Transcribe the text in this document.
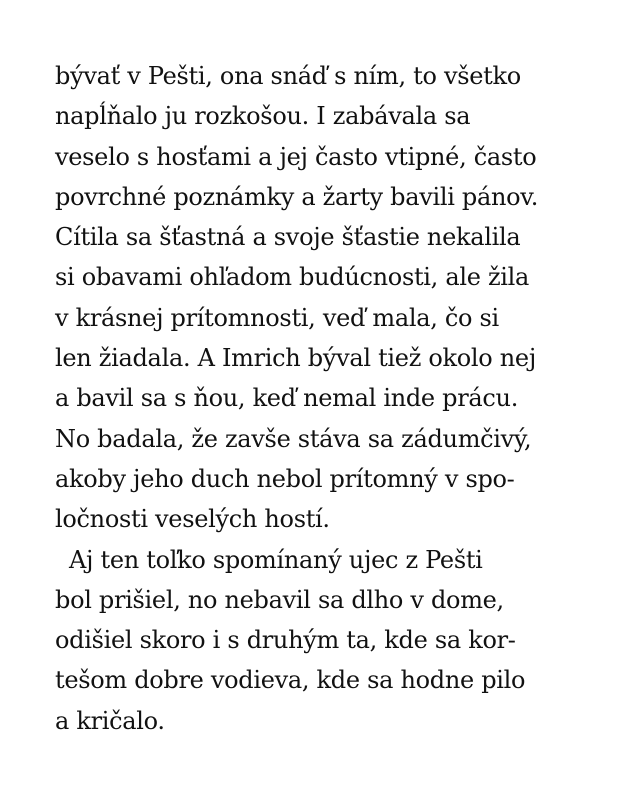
bývať v Pešti, ona snáď s ním, to všetko
napĺňalo ju rozkošou. I zabávala sa
veselo s hosťami a jej často vtipné, často
povrchné poznámky a žarty bavili pánov.
Cítila sa šťastná a svoje šťastie nekalila
si obavami ohľadom budúcnosti, ale žila
v krásnej prítomnosti, veď mala, čo si
len žiadala. A Imrich býval tiež okolo nej
a bavil sa s ňou, keď nemal inde prácu.
No badala, že zavše stáva sa zádumčivý,
akoby jeho duch nebol prítomný v spo-
ločnosti veselých hostí.
Aj ten toľko spomínaný ujec z Pešti
bol prišiel, no nebavil sa dlho v dome,
odišiel skoro i s druhým ta, kde sa kor-
tešom dobre vodieva, kde sa hodne pilo
a kričalo.
